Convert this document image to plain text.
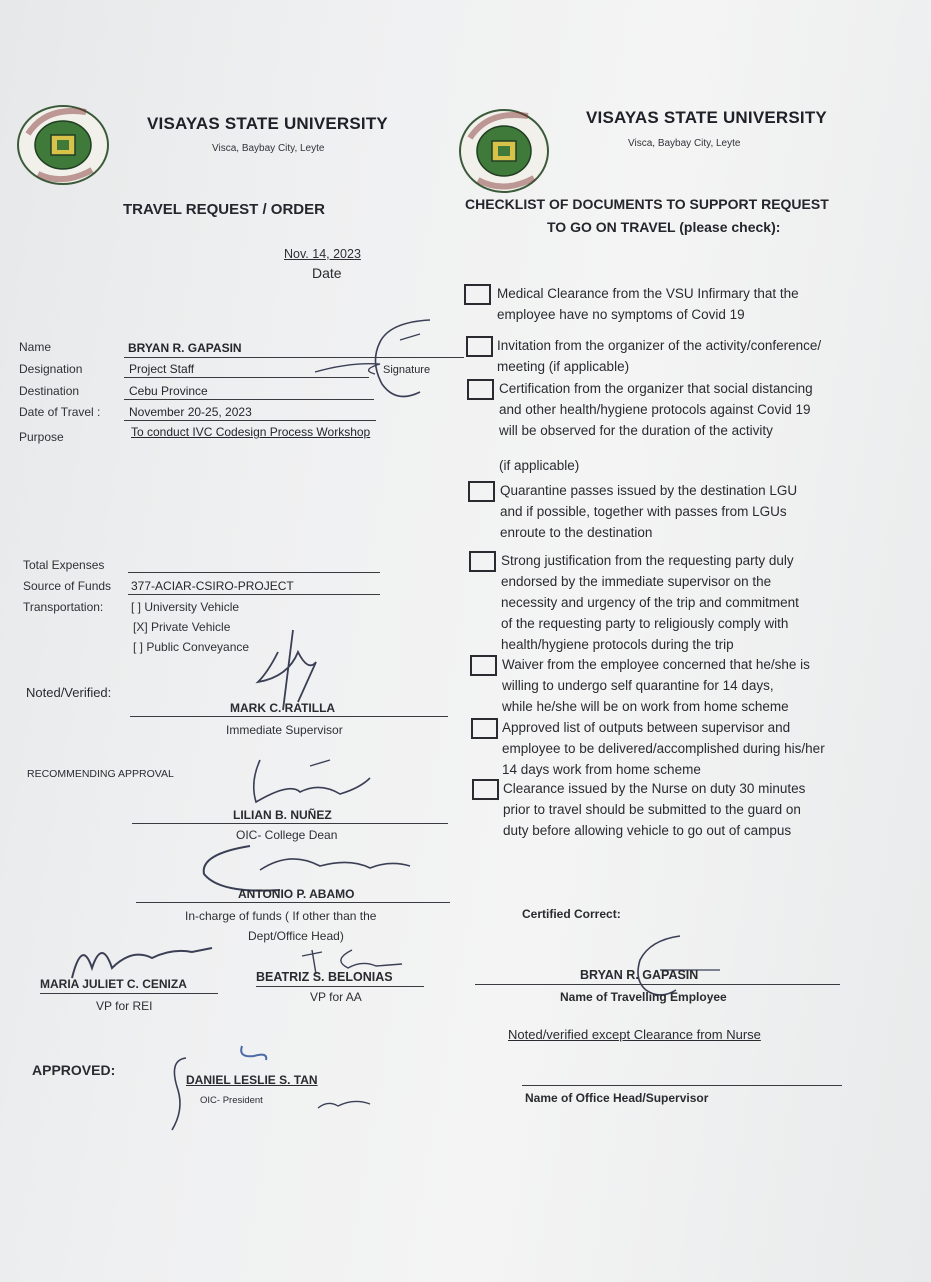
VISAYAS STATE UNIVERSITY
Visca, Baybay City, Leyte
TRAVEL REQUEST / ORDER
VISAYAS STATE UNIVERSITY
Visca, Baybay City, Leyte
CHECKLIST OF DOCUMENTS TO SUPPORT REQUEST
TO GO ON TRAVEL (please check):
Nov. 14, 2023
Date
Name	BRYAN R. GAPASIN
Designation	Project Staff	Signature
Destination	Cebu Province
Date of Travel : November 20-25, 2023
Purpose	To conduct IVC Codesign Process Workshop
Total Expenses
Source of Funds 377-ACIAR-CSIRO-PROJECT
Transportation: [ ] University Vehicle
[X] Private Vehicle
[ ] Public Conveyance
Noted/Verified:
MARK C. RATILLA
Immediate Supervisor
RECOMMENDING APPROVAL
LILIAN B. NUÑEZ
OIC- College Dean
ANTONIO P. ABAMO
In-charge of funds ( If other than the
Dept/Office Head)
MARIA JULIET C. CENIZA
VP for REI
BEATRIZ S. BELONIAS
VP for AA
APPROVED:
DANIEL LESLIE S. TAN
OIC- President
Medical Clearance from the VSU Infirmary that the
employee have no symptoms of Covid 19
Invitation from the organizer of the activity/conference/
meeting (if applicable)
Certification from the organizer that social distancing
and other health/hygiene protocols against Covid 19
will be observed for the duration of the activity
(if applicable)
Quarantine passes issued by the destination LGU
and if possible, together with passes from LGUs
enroute to the destination
Strong justification from the requesting party duly
endorsed by the immediate supervisor on the
necessity and urgency of the trip and commitment
of the requesting party to religiously comply with
health/hygiene protocols during the trip
Waiver from the employee concerned that he/she is
willing to undergo self quarantine for 14 days,
while he/she will be on work from home scheme
Approved list of outputs between supervisor and
employee to be delivered/accomplished during his/her
14 days work from home scheme
Clearance issued by the Nurse on duty 30 minutes
prior to travel should be submitted to the guard on
duty before allowing vehicle to go out of campus
Certified Correct:
BRYAN R. GAPASIN
Name of Travelling Employee
Noted/verified except Clearance from Nurse
Name of Office Head/Supervisor
